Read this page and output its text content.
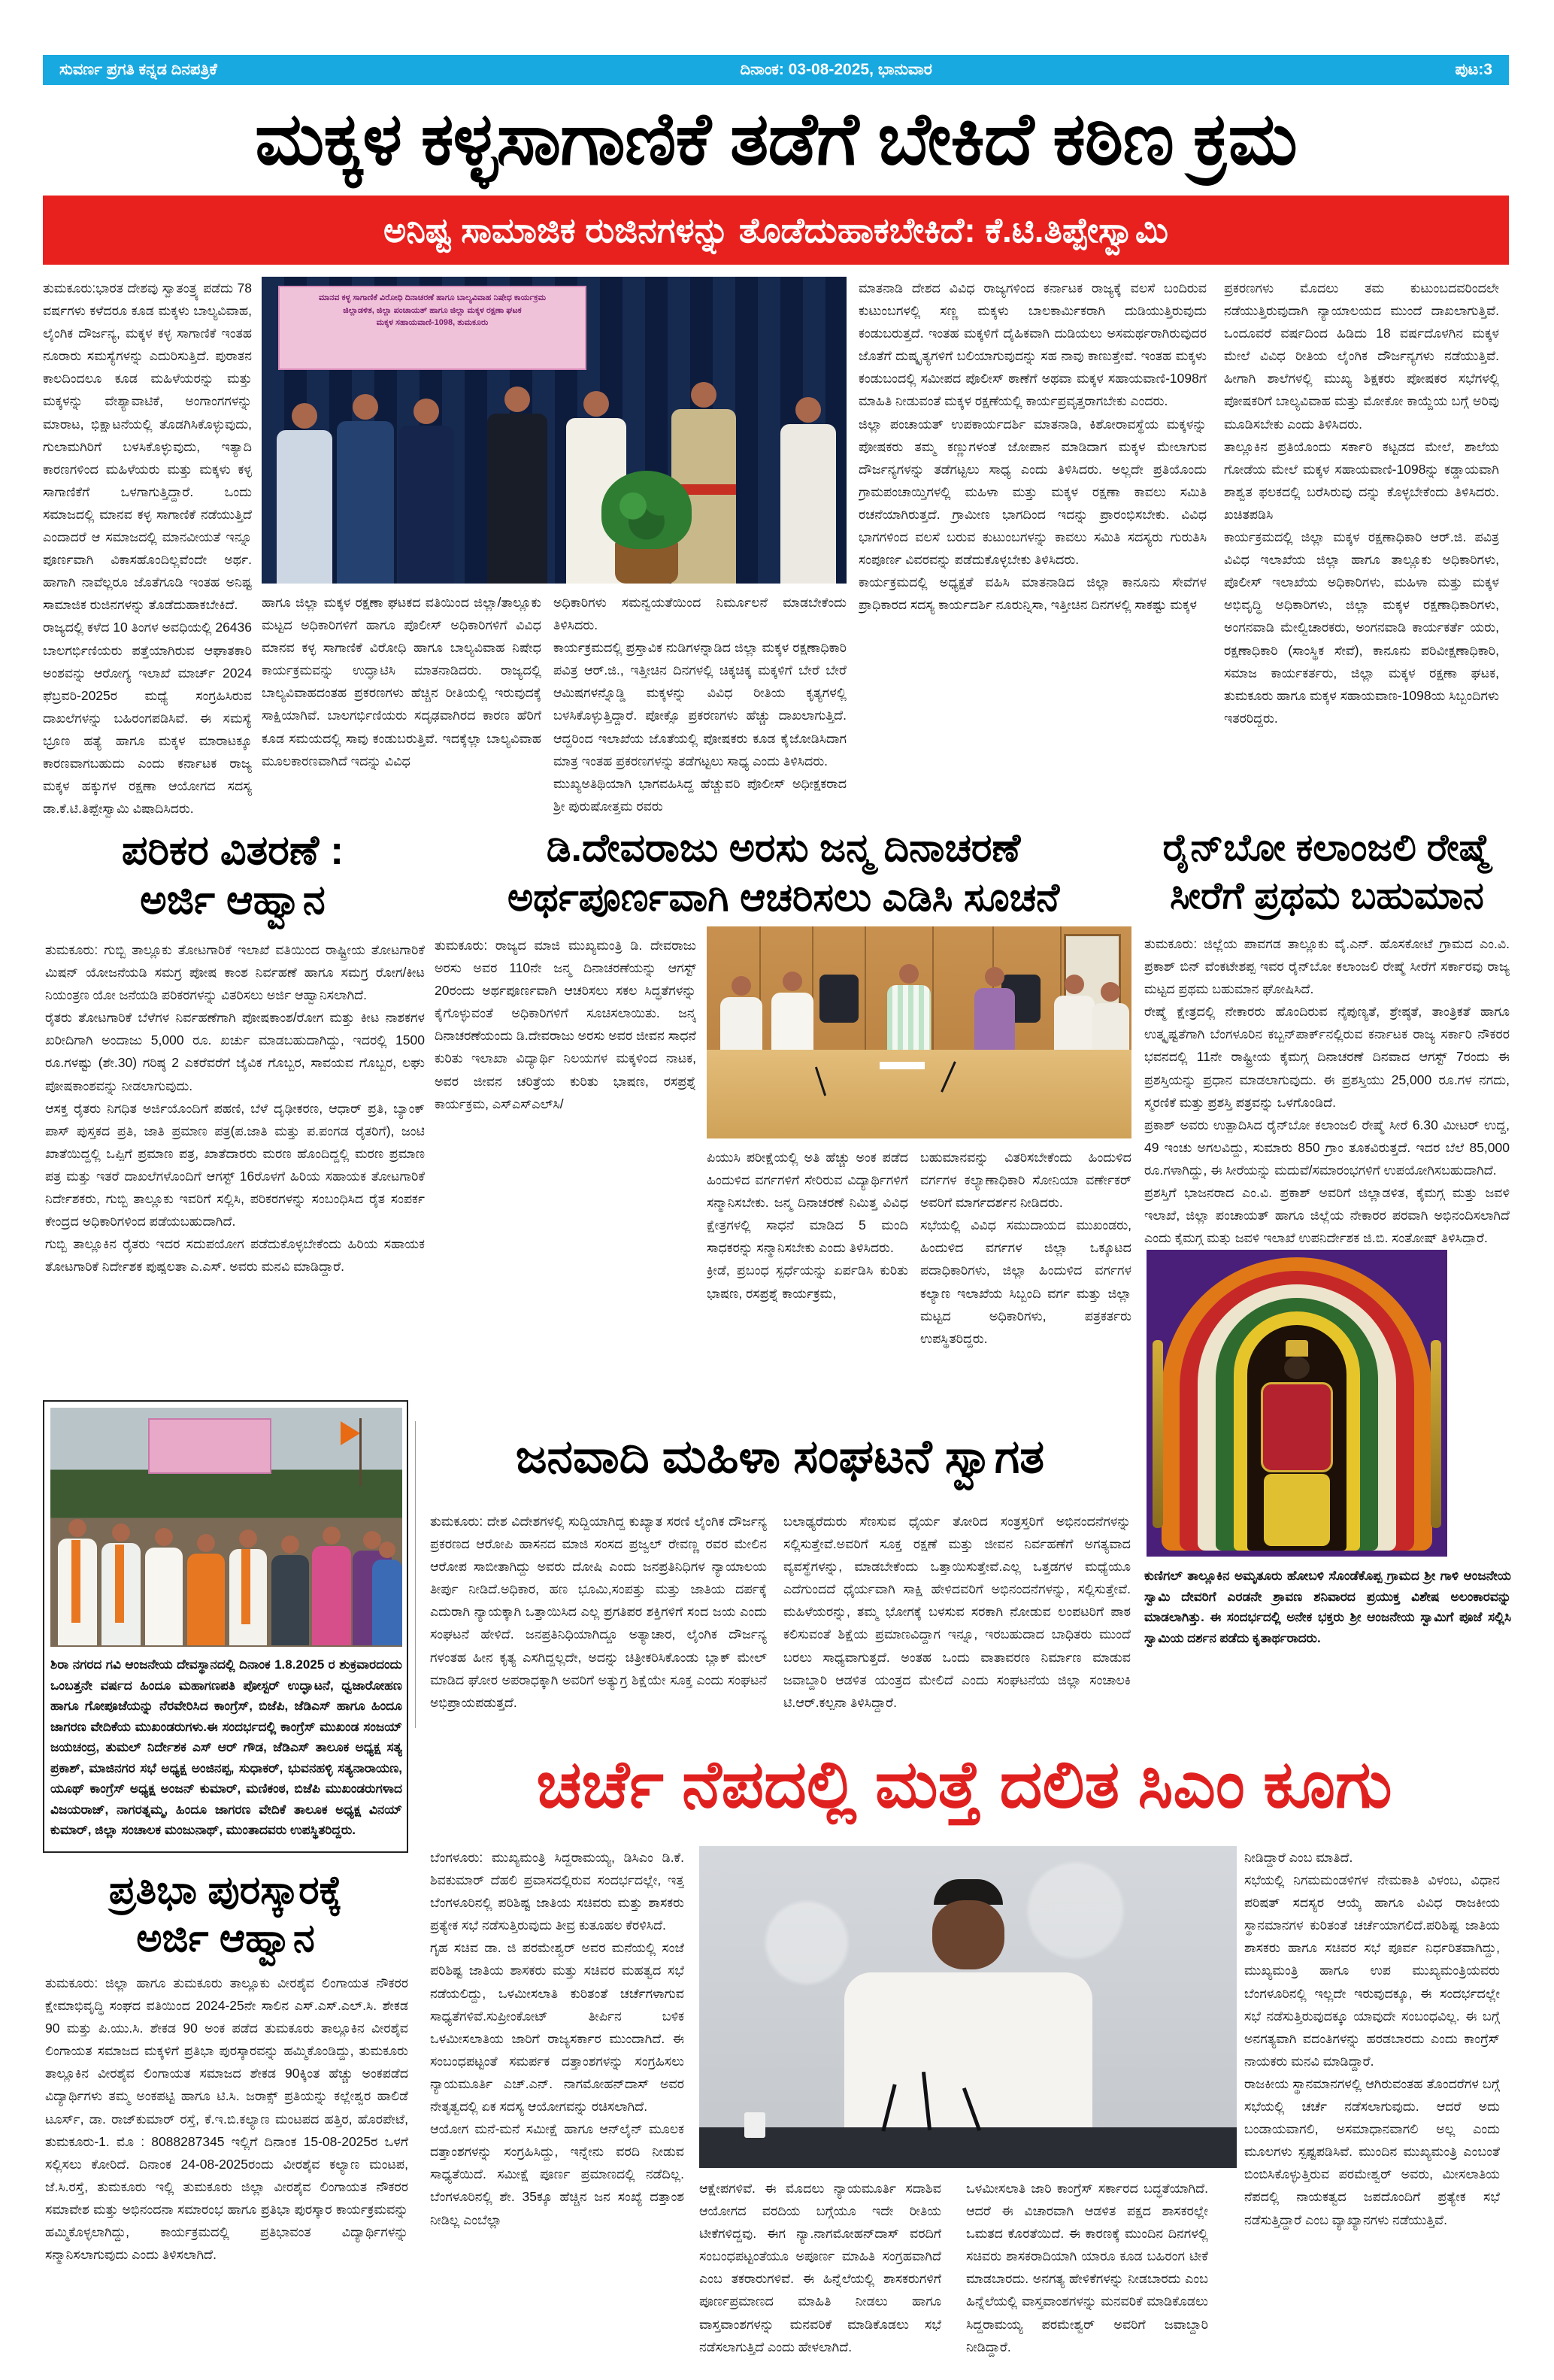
ಸುವರ್ಣ ಪ್ರಗತಿ ಕನ್ನಡ ದಿನಪತ್ರಿಕೆ	ದಿನಾಂಕ: 03-08-2025, ಭಾನುವಾರ	ಪುಟ:3
ಮಕ್ಕಳ ಕಳ್ಳಸಾಗಾಣಿಕೆ ತಡೆಗೆ ಬೇಕಿದೆ ಕಠಿಣ ಕ್ರಮ
ಅನಿಷ್ಟ ಸಾಮಾಜಿಕ ರುಜಿನಗಳನ್ನು ತೊಡೆದುಹಾಕಬೇಕಿದೆ: ಕೆ.ಟಿ.ತಿಪ್ಪೇಸ್ವಾಮಿ
ತುಮಕೂರು:ಭಾರತ ದೇಶವು ಸ್ವಾತಂತ್ರ್ಯ ಪಡೆದು 78 ವರ್ಷಗಳು ಕಳೆದರೂ ಕೂಡ ಮಕ್ಕಳು ಬಾಲ್ಯವಿವಾಹ, ಲೈಂಗಿಕ ದೌರ್ಜನ್ಯ, ಮಕ್ಕಳ ಕಳ್ಳ ಸಾಗಾಣಿಕೆ ಇಂತಹ ನೂರಾರು ಸಮಸ್ಯೆಗಳನ್ನು ಎದುರಿಸುತ್ತಿದೆ. ಪುರಾತನ ಕಾಲದಿಂದಲೂ ಕೂಡ ಮಹಿಳೆಯರನ್ನು ಮತ್ತು ಮಕ್ಕಳನ್ನು ವೇಶ್ಯಾವಾಟಿಕೆ, ಅಂಗಾಂಗಗಳನ್ನು ಮಾರಾಟ, ಭಿಕ್ಷಾಟನೆಯಲ್ಲಿ ತೊಡಗಿಸಿಕೊಳ್ಳುವುದು, ಗುಲಾಮಗಿರಿಗೆ ಬಳಸಿಕೊಳ್ಳುವುದು, ಇತ್ಯಾದಿ ಕಾರಣಗಳಿಂದ ಮಹಿಳೆಯರು ಮತ್ತು ಮಕ್ಕಳು ಕಳ್ಳ ಸಾಗಾಣಿಕೆಗೆ ಒಳಗಾಗುತ್ತಿದ್ದಾರೆ. ಒಂದು ಸಮಾಜದಲ್ಲಿ ಮಾನವ ಕಳ್ಳ ಸಾಗಾಣಿಕೆ ನಡೆಯುತ್ತಿದೆ ಎಂದಾದರೆ ಆ ಸಮಾಜದಲ್ಲಿ ಮಾನವೀಯತೆ ಇನ್ನೂ ಪೂರ್ಣವಾಗಿ ವಿಕಾಸಹೊಂದಿಲ್ಲವೆಂದೇ ಅರ್ಥ. ಹಾಗಾಗಿ ನಾವೆಲ್ಲರೂ ಜೊತೆಗೂಡಿ ಇಂತಹ ಅನಿಷ್ಟ ಸಾಮಾಜಿಕ ರುಜಿನಗಳನ್ನು ತೊಡೆದುಹಾಕಬೇಕಿದೆ.
ರಾಜ್ಯದಲ್ಲಿ ಕಳೆದ 10 ತಿಂಗಳ ಅವಧಿಯಲ್ಲಿ 26436 ಬಾಲಗರ್ಭಿಣಿಯರು ಪತ್ತೆಯಾಗಿರುವ ಆಘಾತಕಾರಿ ಅಂಶವನ್ನು ಆರೋಗ್ಯ ಇಲಾಖೆ ಮಾರ್ಚ್ 2024 ಫೆಬ್ರವರಿ-2025ರ ಮಧ್ಯೆ ಸಂಗ್ರಹಿಸಿರುವ ದಾಖಲೆಗಳನ್ನು ಬಹಿರಂಗಪಡಿಸಿವೆ. ಈ ಸಮಸ್ಯೆ ಭ್ರೂಣ ಹತ್ಯೆ ಹಾಗೂ ಮಕ್ಕಳ ಮಾರಾಟಕ್ಕೂ ಕಾರಣವಾಗಬಹುದು ಎಂದು ಕರ್ನಾಟಕ ರಾಜ್ಯ ಮಕ್ಕಳ ಹಕ್ಕುಗಳ ರಕ್ಷಣಾ ಆಯೋಗದ ಸದಸ್ಯ ಡಾ.ಕೆ.ಟಿ.ತಿಪ್ಪೇಸ್ವಾಮಿ ವಿಷಾದಿಸಿದರು.

ಮಾನವ ಕಳ್ಳ ಸಾಗಾಣಿಕೆ ವಿರೋಧಿ ದಿನಾಚರಣೆ ಹಾಗೂ ಬಾಲ್ಯವಿವಾಹ ನಿಷೇಧ ಕಾರ್ಯಕ್ರಮ
ಜಿಲ್ಲಾಡಳಿತ, ಜಿಲ್ಲಾ ಪಂಚಾಯತ್ ಹಾಗೂ ಜಿಲ್ಲಾ ಮಕ್ಕಳ ರಕ್ಷಣಾ ಘಟಕ
ಮಕ್ಕಳ ಸಹಾಯವಾಣಿ-1098, ತುಮಕೂರು
ಹಾಗೂ ಜಿಲ್ಲಾ ಮಕ್ಕಳ ರಕ್ಷಣಾ ಘಟಕದ ವತಿಯಿಂದ ಜಿಲ್ಲಾ/ತಾಲ್ಲೂಕು ಮಟ್ಟದ ಅಧಿಕಾರಿಗಳಿಗೆ ಹಾಗೂ ಪೊಲೀಸ್ ಅಧಿಕಾರಿಗಳಿಗೆ ವಿವಿಧ ಮಾನವ ಕಳ್ಳ ಸಾಗಾಣಿಕೆ ವಿರೋಧಿ ಹಾಗೂ ಬಾಲ್ಯವಿವಾಹ ನಿಷೇಧ ಕಾರ್ಯಕ್ರಮವನ್ನು ಉದ್ಘಾಟಿಸಿ ಮಾತನಾಡಿದರು. ರಾಜ್ಯದಲ್ಲಿ ಬಾಲ್ಯವಿವಾಹದಂತಹ ಪ್ರಕರಣಗಳು ಹೆಚ್ಚಿನ ರೀತಿಯಲ್ಲಿ ಇರುವುದಕ್ಕೆ ಸಾಕ್ಷಿಯಾಗಿವೆ. ಬಾಲಗರ್ಭಿಣಿಯರು ಸದೃಢವಾಗಿರದ ಕಾರಣ ಹೆರಿಗೆ ಕೂಡ ಸಮಯದಲ್ಲಿ ಸಾವು ಕಂಡುಬರುತ್ತಿವೆ. ಇದಕ್ಕೆಲ್ಲಾ ಬಾಲ್ಯವಿವಾಹ ಮೂಲಕಾರಣವಾಗಿದೆ ಇದನ್ನು ವಿವಿಧ
ಅಧಿಕಾರಿಗಳು ಸಮನ್ವಯತೆಯಿಂದ ನಿರ್ಮೂಲನೆ ಮಾಡಬೇಕೆಂದು ತಿಳಿಸಿದರು.
ಕಾರ್ಯಕ್ರಮದಲ್ಲಿ ಪ್ರಸ್ತಾವಿಕ ನುಡಿಗಳನ್ನಾಡಿದ ಜಿಲ್ಲಾ ಮಕ್ಕಳ ರಕ್ಷಣಾಧಿಕಾರಿ ಪವಿತ್ರ ಆರ್.ಜಿ., ಇತ್ತೀಚಿನ ದಿನಗಳಲ್ಲಿ ಚಿಕ್ಕಚಿಕ್ಕ ಮಕ್ಕಳಿಗೆ ಬೇರೆ ಬೇರೆ ಆಮಿಷಗಳನ್ನೊಡ್ಡಿ ಮಕ್ಕಳನ್ನು ವಿವಿಧ ರೀತಿಯ ಕೃತ್ಯಗಳಲ್ಲಿ ಬಳಸಿಕೊಳ್ಳುತ್ತಿದ್ದಾರೆ. ಪೋಕ್ಸೊ ಪ್ರಕರಣಗಳು ಹೆಚ್ಚು ದಾಖಲಾಗುತ್ತಿದೆ. ಆದ್ದರಿಂದ ಇಲಾಖೆಯ ಜೊತೆಯಲ್ಲಿ ಪೋಷಕರು ಕೂಡ ಕೈಜೋಡಿಸಿದಾಗ ಮಾತ್ರ ಇಂತಹ ಪ್ರಕರಣಗಳನ್ನು ತಡೆಗಟ್ಟಲು ಸಾಧ್ಯ ಎಂದು ತಿಳಿಸಿದರು.
ಮುಖ್ಯಅತಿಥಿಯಾಗಿ ಭಾಗವಹಿಸಿದ್ದ ಹೆಚ್ಚುವರಿ ಪೊಲೀಸ್ ಅಧೀಕ್ಷಕರಾದ ಶ್ರೀ ಪುರುಷೋತ್ತಮ ರವರು
ಮಾತನಾಡಿ ದೇಶದ ವಿವಿಧ ರಾಜ್ಯಗಳಿಂದ ಕರ್ನಾಟಕ ರಾಜ್ಯಕ್ಕೆ ವಲಸೆ ಬಂದಿರುವ ಕುಟುಂಬಗಳಲ್ಲಿ ಸಣ್ಣ ಮಕ್ಕಳು ಬಾಲಕಾರ್ಮಿಕರಾಗಿ ದುಡಿಯುತ್ತಿರುವುದು ಕಂಡುಬರುತ್ತದೆ. ಇಂತಹ ಮಕ್ಕಳಿಗೆ ದೈಹಿಕವಾಗಿ ದುಡಿಯಲು ಅಸಮರ್ಥರಾಗಿರುವುದರ ಜೊತೆಗೆ ದುಷ್ಕೃತ್ಯಗಳಿಗೆ ಬಲಿಯಾಗುವುದನ್ನು ಸಹ ನಾವು ಕಾಣುತ್ತೇವೆ. ಇಂತಹ ಮಕ್ಕಳು ಕಂಡುಬಂದಲ್ಲಿ ಸಮೀಪದ ಪೊಲೀಸ್ ಠಾಣೆಗೆ ಅಥವಾ ಮಕ್ಕಳ ಸಹಾಯವಾಣಿ-1098ಗೆ ಮಾಹಿತಿ ನೀಡುವಂತೆ ಮಕ್ಕಳ ರಕ್ಷಣೆಯಲ್ಲಿ ಕಾರ್ಯಪ್ರವೃತ್ತರಾಗಬೇಕು ಎಂದರು.
ಜಿಲ್ಲಾ ಪಂಚಾಯತ್ ಉಪಕಾರ್ಯದರ್ಶಿ ಮಾತನಾಡಿ, ಕಿಶೋರಾವಸ್ಥೆಯ ಮಕ್ಕಳನ್ನು ಪೋಷಕರು ತಮ್ಮ ಕಣ್ಣುಗಳಂತೆ ಜೋಪಾನ ಮಾಡಿದಾಗ ಮಕ್ಕಳ ಮೇಲಾಗುವ ದೌರ್ಜನ್ಯಗಳನ್ನು ತಡೆಗಟ್ಟಲು ಸಾಧ್ಯ ಎಂದು ತಿಳಿಸಿದರು. ಅಲ್ಲದೇ ಪ್ರತಿಯೊಂದು ಗ್ರಾಮಪಂಚಾಯ್ತಿಗಳಲ್ಲಿ ಮಹಿಳಾ ಮತ್ತು ಮಕ್ಕಳ ರಕ್ಷಣಾ ಕಾವಲು ಸಮಿತಿ ರಚನೆಯಾಗಿರುತ್ತದೆ. ಗ್ರಾಮೀಣ ಭಾಗದಿಂದ ಇದನ್ನು ಪ್ರಾರಂಭಿಸಬೇಕು. ವಿವಿಧ ಭಾಗಗಳಿಂದ ವಲಸೆ ಬರುವ ಕುಟುಂಬಗಳನ್ನು ಕಾವಲು ಸಮಿತಿ ಸದಸ್ಯರು ಗುರುತಿಸಿ ಸಂಪೂರ್ಣ ವಿವರವನ್ನು ಪಡೆದುಕೊಳ್ಳಬೇಕು ತಿಳಿಸಿದರು.
ಕಾರ್ಯಕ್ರಮದಲ್ಲಿ ಅಧ್ಯಕ್ಷತೆ ವಹಿಸಿ ಮಾತನಾಡಿದ ಜಿಲ್ಲಾ ಕಾನೂನು ಸೇವೆಗಳ ಪ್ರಾಧಿಕಾರದ ಸದಸ್ಯ ಕಾರ್ಯದರ್ಶಿ ನೂರುನ್ನಿಸಾ, ಇತ್ತೀಚಿನ ದಿನಗಳಲ್ಲಿ ಸಾಕಷ್ಟು ಮಕ್ಕಳ
ಪ್ರಕರಣಗಳು ಮೊದಲು ತಮ ಕುಟುಂಬದವರಿಂದಲೇ ನಡೆಯುತ್ತಿರುವುದಾಗಿ ನ್ಯಾಯಾಲಯದ ಮುಂದೆ ದಾಖಲಾಗುತ್ತಿವೆ. ಒಂದೂವರೆ ವರ್ಷದಿಂದ ಹಿಡಿದು 18 ವರ್ಷದೊಳಗಿನ ಮಕ್ಕಳ ಮೇಲೆ ವಿವಿಧ ರೀತಿಯ ಲೈಂಗಿಕ ದೌರ್ಜನ್ಯಗಳು ನಡೆಯುತ್ತಿವೆ. ಹೀಗಾಗಿ ಶಾಲೆಗಳಲ್ಲಿ ಮುಖ್ಯ ಶಿಕ್ಷಕರು ಪೋಷಕರ ಸಭೆಗಳಲ್ಲಿ ಪೋಷಕರಿಗೆ ಬಾಲ್ಯವಿವಾಹ ಮತ್ತು ಮೋಕೋ ಕಾಯ್ದೆಯ ಬಗ್ಗೆ ಅರಿವು ಮೂಡಿಸಬೇಕು ಎಂದು ತಿಳಿಸಿದರು.
ತಾಲ್ಲೂಕಿನ ಪ್ರತಿಯೊಂದು ಸರ್ಕಾರಿ ಕಟ್ಟಡದ ಮೇಲೆ, ಶಾಲೆಯ ಗೋಡೆಯ ಮೇಲೆ ಮಕ್ಕಳ ಸಹಾಯವಾಣಿ-1098ನ್ನು ಕಡ್ಡಾಯವಾಗಿ ಶಾಶ್ವತ ಫಲಕದಲ್ಲಿ ಬರೆಸಿರುವು ದನ್ನು ಕೊಳ್ಳಬೇಕೆಂದು ತಿಳಿಸಿದರು. ಖಚಿತಪಡಿಸಿ
ಕಾರ್ಯಕ್ರಮದಲ್ಲಿ ಜಿಲ್ಲಾ ಮಕ್ಕಳ ರಕ್ಷಣಾಧಿಕಾರಿ ಆರ್.ಜಿ. ಪವಿತ್ರ ವಿವಿಧ ಇಲಾಖೆಯ ಜಿಲ್ಲಾ ಹಾಗೂ ತಾಲ್ಲೂಕು ಅಧಿಕಾರಿಗಳು, ಪೊಲೀಸ್ ಇಲಾಖೆಯ ಅಧಿಕಾರಿಗಳು, ಮಹಿಳಾ ಮತ್ತು ಮಕ್ಕಳ ಅಭಿವೃದ್ಧಿ ಅಧಿಕಾರಿಗಳು, ಜಿಲ್ಲಾ ಮಕ್ಕಳ ರಕ್ಷಣಾಧಿಕಾರಿಗಳು, ಅಂಗನವಾಡಿ ಮೇಲ್ವಿಚಾರಕರು, ಅಂಗನವಾಡಿ ಕಾರ್ಯಕರ್ತೆ ಯರು, ರಕ್ಷಣಾಧಿಕಾರಿ (ಸಾಂಸ್ಥಿಕ ಸೇವೆ), ಕಾನೂನು ಪರಿವೀಕ್ಷಣಾಧಿಕಾರಿ, ಸಮಾಜ ಕಾರ್ಯಕರ್ತರು, ಜಿಲ್ಲಾ ಮಕ್ಕಳ ರಕ್ಷಣಾ ಘಟಕ, ತುಮಕೂರು ಹಾಗೂ ಮಕ್ಕಳ ಸಹಾಯವಾಣ-1098ಯ ಸಿಬ್ಬಂದಿಗಳು ಇತರರಿದ್ದರು.
ಪರಿಕರ ವಿತರಣೆ :
ಅರ್ಜಿ ಆಹ್ವಾನ
ತುಮಕೂರು: ಗುಬ್ಬಿ ತಾಲ್ಲೂಕು ತೋಟಗಾರಿಕೆ ಇಲಾಖೆ ವತಿಯಿಂದ ರಾಷ್ಟ್ರೀಯ ತೋಟಗಾರಿಕೆ ಮಿಷನ್ ಯೋಜನೆಯಡಿ ಸಮಗ್ರ ಪೋಷ ಕಾಂಶ ನಿರ್ವಹಣೆ ಹಾಗೂ ಸಮಗ್ರ ರೋಗ/ಕೀಟ ನಿಯಂತ್ರಣ ಯೋ ಜನೆಯಡಿ ಪರಿಕರಗಳನ್ನು ವಿತರಿಸಲು ಅರ್ಜಿ ಆಹ್ವಾನಿಸಲಾಗಿದೆ.
ರೈತರು ತೋಟಗಾರಿಕೆ ಬೆಳೆಗಳ ನಿರ್ವಹಣೆಗಾಗಿ ಪೋಷಕಾಂಶ/ರೋಗ ಮತ್ತು ಕೀಟ ನಾಶಕಗಳ ಖರೀದಿಗಾಗಿ ಅಂದಾಜು 5,000 ರೂ. ಖರ್ಚು ಮಾಡಬಹುದಾಗಿದ್ದು, ಇದರಲ್ಲಿ 1500 ರೂ.ಗಳಷ್ಟು (ಶೇ.30) ಗರಿಷ್ಠ 2 ಎಕರೆವರೆಗೆ ಜೈವಿಕ ಗೊಬ್ಬರ, ಸಾವಯವ ಗೊಬ್ಬರ, ಲಘು ಪೋಷಕಾಂಶವನ್ನು ನೀಡಲಾಗುವುದು.
ಆಸಕ್ತ ರೈತರು ನಿಗಧಿತ ಅರ್ಜಿಯೊಂದಿಗೆ ಪಹಣಿ, ಬೆಳೆ ದೃಢೀಕರಣ, ಆಧಾರ್ ಪ್ರತಿ, ಬ್ಯಾಂಕ್ ಪಾಸ್ ಪುಸ್ತಕದ ಪ್ರತಿ, ಜಾತಿ ಪ್ರಮಾಣ ಪತ್ರ(ಪ.ಜಾತಿ ಮತ್ತು ಪ.ಪಂಗಡ ರೈತರಿಗೆ), ಜಂಟಿ ಖಾತೆಯಿದ್ದಲ್ಲಿ ಒಪ್ಪಿಗೆ ಪ್ರಮಾಣ ಪತ್ರ, ಖಾತೆದಾರರು ಮರಣ ಹೊಂದಿದ್ದಲ್ಲಿ ಮರಣ ಪ್ರಮಾಣ ಪತ್ರ ಮತ್ತು ಇತರೆ ದಾಖಲೆಗಳೊಂದಿಗೆ ಆಗಸ್ಟ್ 16ರೊಳಗೆ ಹಿರಿಯ ಸಹಾಯಕ ತೋಟಗಾರಿಕೆ ನಿರ್ದೇಶಕರು, ಗುಬ್ಬಿ ತಾಲ್ಲೂಕು ಇವರಿಗೆ ಸಲ್ಲಿಸಿ, ಪರಿಕರಗಳನ್ನು ಸಂಬಂಧಿಸಿದ ರೈತ ಸಂಪರ್ಕ ಕೇಂದ್ರದ ಅಧಿಕಾರಿಗಳಿಂದ ಪಡೆಯಬಹುದಾಗಿದೆ.
ಗುಬ್ಬಿ ತಾಲ್ಲೂಕಿನ ರೈತರು ಇದರ ಸದುಪಯೋಗ ಪಡೆದುಕೊಳ್ಳಬೇಕೆಂದು ಹಿರಿಯ ಸಹಾಯಕ ತೋಟಗಾರಿಕೆ ನಿರ್ದೇಶಕ ಪುಷ್ಪಲತಾ ಎ.ಎಸ್. ಅವರು ಮನವಿ ಮಾಡಿದ್ದಾರೆ.
ಡಿ.ದೇವರಾಜು ಅರಸು ಜನ್ಮ ದಿನಾಚರಣೆ
ಅರ್ಥಪೂರ್ಣವಾಗಿ ಆಚರಿಸಲು ಎಡಿಸಿ ಸೂಚನೆ
ತುಮಕೂರು: ರಾಜ್ಯದ ಮಾಜಿ ಮುಖ್ಯಮಂತ್ರಿ ಡಿ. ದೇವರಾಜು ಅರಸು ಅವರ 110ನೇ ಜನ್ಮ ದಿನಾಚರಣೆಯನ್ನು ಆಗಸ್ಟ್ 20ರಂದು ಅರ್ಥಪೂರ್ಣವಾಗಿ ಆಚರಿಸಲು ಸಕಲ ಸಿದ್ಧತೆಗಳನ್ನು ಕೈಗೊಳ್ಳುವಂತೆ ಅಧಿಕಾರಿಗಳಿಗೆ ಸೂಚಿಸಲಾಯಿತು. ಜನ್ಮ ದಿನಾಚರಣೆಯಂದು ಡಿ.ದೇವರಾಜು ಅರಸು ಅವರ ಜೀವನ ಸಾಧನೆ ಕುರಿತು ಇಲಾಖಾ ವಿದ್ಯಾರ್ಥಿ ನಿಲಯಗಳ ಮಕ್ಕಳಿಂದ ನಾಟಕ, ಅವರ ಜೀವನ ಚರಿತ್ರೆಯ ಕುರಿತು ಭಾಷಣ, ರಸಪ್ರಶ್ನೆ ಕಾರ್ಯಕ್ರಮ, ಎಸ್‌ಎಸ್‌ಎಲ್‌ಸಿ/
ಪಿಯುಸಿ ಪರೀಕ್ಷೆಯಲ್ಲಿ ಅತಿ ಹೆಚ್ಚು ಅಂಕ ಪಡೆದ ಹಿಂದುಳಿದ ವರ್ಗಗಳಿಗೆ ಸೇರಿರುವ ವಿದ್ಯಾರ್ಥಿಗಳಿಗೆ ಸನ್ಮಾನಿಸಬೇಕು. ಜನ್ಮ ದಿನಾಚರಣೆ ನಿಮಿತ್ತ ವಿವಿಧ ಕ್ಷೇತ್ರಗಳಲ್ಲಿ ಸಾಧನೆ ಮಾಡಿದ 5 ಮಂದಿ ಸಾಧಕರನ್ನು ಸನ್ಮಾನಿಸಬೇಕು ಎಂದು ತಿಳಿಸಿದರು.
ಕ್ರೀಡೆ, ಪ್ರಬಂಧ ಸ್ಪರ್ಧೆಯನ್ನು ಏರ್ಪಡಿಸಿ ಕುರಿತು ಭಾಷಣ, ರಸಪ್ರಶ್ನೆ ಕಾರ್ಯಕ್ರಮ,
ಬಹುಮಾನವನ್ನು ವಿತರಿಸಬೇಕೆಂದು ಹಿಂದುಳಿದ ವರ್ಗಗಳ ಕಲ್ಯಾಣಾಧಿಕಾರಿ ಸೋನಿಯಾ ವರ್ಣೇಕರ್ ಅವರಿಗೆ ಮಾರ್ಗದರ್ಶನ ನೀಡಿದರು.
ಸಭೆಯಲ್ಲಿ ವಿವಿಧ ಸಮುದಾಯದ ಮುಖಂಡರು, ಹಿಂದುಳಿದ ವರ್ಗಗಳ ಜಿಲ್ಲಾ ಒಕ್ಕೂಟದ ಪದಾಧಿಕಾರಿಗಳು, ಜಿಲ್ಲಾ ಹಿಂದುಳಿದ ವರ್ಗಗಳ ಕಲ್ಯಾಣ ಇಲಾಖೆಯ ಸಿಬ್ಬಂದಿ ವರ್ಗ ಮತ್ತು ಜಿಲ್ಲಾ ಮಟ್ಟದ ಅಧಿಕಾರಿಗಳು, ಪತ್ರಕರ್ತರು ಉಪಸ್ಥಿತರಿದ್ದರು.
ರೈನ್‌ಬೋ ಕಲಾಂಜಲಿ ರೇಷ್ಮೆ
ಸೀರೆಗೆ ಪ್ರಥಮ ಬಹುಮಾನ
ತುಮಕೂರು: ಜಿಲ್ಲೆಯ ಪಾವಗಡ ತಾಲ್ಲೂಕು ವೈ.ಎನ್. ಹೊಸಕೋಟೆ ಗ್ರಾಮದ ಎಂ.ವಿ. ಪ್ರಕಾಶ್ ಬಿನ್ ವೆಂಕಟೇಶಪ್ಪ ಇವರ ರೈನ್‌ಬೋ ಕಲಾಂಜಲಿ ರೇಷ್ಮೆ ಸೀರೆಗೆ ಸರ್ಕಾರವು ರಾಜ್ಯ ಮಟ್ಟದ ಪ್ರಥಮ ಬಹುಮಾನ ಘೋಷಿಸಿದೆ.
ರೇಷ್ಮೆ ಕ್ಷೇತ್ರದಲ್ಲಿ ನೇಕಾರರು ಹೊಂದಿರುವ ನೈಪುಣ್ಯತೆ, ಶ್ರೇಷ್ಠತೆ, ತಾಂತ್ರಿಕತೆ ಹಾಗೂ ಉತ್ಕೃಷ್ಟತೆಗಾಗಿ ಬೆಂಗಳೂರಿನ ಕಬ್ಬನ್‌ಪಾರ್ಕ್‌ನಲ್ಲಿರುವ ಕರ್ನಾಟಕ ರಾಜ್ಯ ಸರ್ಕಾರಿ ನೌಕರರ ಭವನದಲ್ಲಿ 11ನೇ ರಾಷ್ಟ್ರೀಯ ಕೈಮಗ್ಗ ದಿನಾಚರಣೆ ದಿನವಾದ ಆಗಸ್ಟ್ 7ರಂದು ಈ ಪ್ರಶಸ್ತಿಯನ್ನು ಪ್ರಧಾನ ಮಾಡಲಾಗುವುದು. ಈ ಪ್ರಶಸ್ತಿಯು 25,000 ರೂ.ಗಳ ನಗದು, ಸ್ಮರಣಿಕೆ ಮತ್ತು ಪ್ರಶಸ್ತಿ ಪತ್ರವನ್ನು ಒಳಗೊಂಡಿದೆ.
ಪ್ರಕಾಶ್ ಅವರು ಉತ್ಪಾದಿಸಿದ ರೈನ್‌ಬೋ ಕಲಾಂಜಲಿ ರೇಷ್ಮೆ ಸೀರೆ 6.30 ಮೀಟರ್ ಉದ್ದ, 49 ಇಂಚು ಅಗಲವಿದ್ದು, ಸುಮಾರು 850 ಗ್ರಾಂ ತೂಕವಿರುತ್ತದೆ. ಇದರ ಬೆಲೆ 85,000 ರೂ.ಗಳಾಗಿದ್ದು, ಈ ಸೀರೆಯನ್ನು ಮದುವೆ/ಸಮಾರಂಭಗಳಿಗೆ ಉಪಯೋಗಿಸಬಹುದಾಗಿದೆ.
ಪ್ರಶಸ್ತಿಗೆ ಭಾಜನರಾದ ಎಂ.ವಿ. ಪ್ರಕಾಶ್ ಅವರಿಗೆ ಜಿಲ್ಲಾಡಳಿತ, ಕೈಮಗ್ಗ ಮತ್ತು ಜವಳಿ ಇಲಾಖೆ, ಜಿಲ್ಲಾ ಪಂಚಾಯತ್ ಹಾಗೂ ಜಿಲ್ಲೆಯ ನೇಕಾರರ ಪರವಾಗಿ ಅಭಿನಂದಿಸಲಾಗಿದೆ ಎಂದು ಕೈಮಗ್ಗ ಮತ್ತು ಜವಳಿ ಇಲಾಖೆ ಉಪನಿರ್ದೇಶಕ ಜಿ.ಬಿ. ಸಂತೋಷ್ ತಿಳಿಸಿದ್ದಾರೆ.
ಕುಣಿಗಲ್ ತಾಲ್ಲೂಕಿನ ಅಮೃತೂರು ಹೋಬಳಿ ಸೊಂಡೆಕೊಪ್ಪ ಗ್ರಾಮದ ಶ್ರೀ ಗಾಳಿ ಆಂಜನೇಯ ಸ್ವಾಮಿ ದೇವರಿಗೆ ಎರಡನೇ ಶ್ರಾವಣ ಶನಿವಾರದ ಪ್ರಯುಕ್ತ ವಿಶೇಷ ಅಲಂಕಾರವನ್ನು ಮಾಡಲಾಗಿತ್ತು. ಈ ಸಂದರ್ಭದಲ್ಲಿ ಅನೇಕ ಭಕ್ತರು ಶ್ರೀ ಆಂಜನೇಯ ಸ್ವಾಮಿಗೆ ಪೂಜೆ ಸಲ್ಲಿಸಿ ಸ್ವಾಮಿಯ ದರ್ಶನ ಪಡೆದು ಕೃತಾರ್ಥರಾದರು.
ಜನವಾದಿ ಮಹಿಳಾ ಸಂಘಟನೆ ಸ್ವಾಗತ
ತುಮಕೂರು: ದೇಶ ವಿದೇಶಗಳಲ್ಲಿ ಸುದ್ದಿಯಾಗಿದ್ದ ಕುಖ್ಯಾತ ಸರಣಿ ಲೈಂಗಿಕ ದೌರ್ಜನ್ಯ ಪ್ರಕರಣದ ಆರೋಪಿ ಹಾಸನದ ಮಾಜಿ ಸಂಸದ ಪ್ರಜ್ವಲ್ ರೇವಣ್ಣ ರವರ ಮೇಲಿನ ಆರೋಪ ಸಾಬೀತಾಗಿದ್ದು ಅವರು ದೋಷಿ ಎಂದು ಜನಪ್ರತಿನಿಧಿಗಳ ನ್ಯಾಯಾಲಯ ತೀರ್ಪು ನೀಡಿದೆ.ಅಧಿಕಾರ, ಹಣ ಭೂಮಿ,ಸಂಪತ್ತು ಮತ್ತು ಜಾತಿಯ ದರ್ಪಕ್ಕೆ ಎದುರಾಗಿ ನ್ಯಾಯಕ್ಕಾಗಿ ಒತ್ತಾಯಿಸಿದ ಎಲ್ಲ ಪ್ರಗತಿಪರ ಶಕ್ತಿಗಳಿಗೆ ಸಂದ ಜಯ ಎಂದು ಸಂಘಟನೆ ಹೇಳಿದೆ. ಜನಪ್ರತಿನಿಧಿಯಾಗಿದ್ದೂ ಅತ್ಯಾಚಾರ, ಲೈಂಗಿಕ ದೌರ್ಜನ್ಯ ಗಳಂತಹ ಹೀನ ಕೃತ್ಯ ಎಸಗಿದ್ದಲ್ಲದೇ, ಅದನ್ನು ಚಿತ್ರೀಕರಿಸಿಕೊಂಡು ಬ್ಲಾಕ್ ಮೇಲ್ ಮಾಡಿದ ಘೋರ ಅಪರಾಧಕ್ಕಾಗಿ ಅವರಿಗೆ ಅತ್ಯುಗ್ರ ಶಿಕ್ಷೆಯೇ ಸೂಕ್ತ ಎಂದು ಸಂಘಟನೆ ಅಭಿಪ್ರಾಯಪಡುತ್ತದೆ.
ಬಲಾಢ್ಯರೆದುರು ಸೆಣಸುವ ಧೈರ್ಯ ತೋರಿದ ಸಂತ್ರಸ್ತರಿಗೆ ಅಭಿನಂದನೆಗಳನ್ನು ಸಲ್ಲಿಸುತ್ತೇವೆ.ಅವರಿಗೆ ಸೂಕ್ತ ರಕ್ಷಣೆ ಮತ್ತು ಜೀವನ ನಿರ್ವಹಣೆಗೆ ಅಗತ್ಯವಾದ ವ್ಯವಸ್ಥೆಗಳನ್ನು, ಮಾಡಬೇಕೆಂದು ಒತ್ತಾಯಿಸುತ್ತೇವೆ.ಎಲ್ಲ ಒತ್ತಡಗಳ ಮಧ್ಯೆಯೂ ಎದೆಗುಂದದೆ ಧೈರ್ಯವಾಗಿ ಸಾಕ್ಷಿ ಹೇಳಿದವರಿಗೆ ಅಭಿನಂದನೆಗಳನ್ನು, ಸಲ್ಲಿಸುತ್ತೇವೆ. ಮಹಿಳೆಯರನ್ನು, ತಮ್ಮ ಭೋಗಕ್ಕೆ ಬಳಸುವ ಸರಕಾಗಿ ನೋಡುವ ಲಂಪಟರಿಗೆ ಪಾಠ ಕಲಿಸುವಂತೆ ಶಿಕ್ಷೆಯ ಪ್ರಮಾಣವಿದ್ದಾಗ ಇನ್ನೂ, ಇರಬಹುದಾದ ಬಾಧಿತರು ಮುಂದೆ ಬರಲು ಸಾಧ್ಯವಾಗುತ್ತದೆ. ಅಂತಹ ಒಂದು ವಾತಾವರಣ ನಿರ್ಮಾಣ ಮಾಡುವ ಜವಾಬ್ದಾರಿ ಆಡಳಿತ ಯಂತ್ರದ ಮೇಲಿದೆ ಎಂದು ಸಂಘಟನೆಯ ಜಿಲ್ಲಾ ಸಂಚಾಲಕಿ ಟಿ.ಆರ್.ಕಲ್ಪನಾ ತಿಳಿಸಿದ್ದಾರೆ.
ಶಿರಾ ನಗರದ ಗವಿ ಆಂಜನೇಯ ದೇವಸ್ಥಾನದಲ್ಲಿ ದಿನಾಂಕ 1.8.2025 ರ ಶುಕ್ರವಾರದಂದು ಒಂಬತ್ತನೇ ವರ್ಷದ ಹಿಂದೂ ಮಹಾಗಣಪತಿ ಪೋಸ್ಟರ್ ಉದ್ಘಾಟನೆ, ಧ್ವಜಾರೋಹಣ ಹಾಗೂ ಗೋಪೂಜೆಯನ್ನು ನೆರವೇರಿಸಿದ ಕಾಂಗ್ರೆಸ್, ಬಿಜೆಪಿ, ಜೆಡಿಎಸ್ ಹಾಗೂ ಹಿಂದೂ ಜಾಗರಣ ವೇದಿಕೆಯ ಮುಖಂಡರುಗಳು.ಈ ಸಂದರ್ಭದಲ್ಲಿ ಕಾಂಗ್ರೆಸ್ ಮುಖಂಡ ಸಂಜಯ್ ಜಯಚಂದ್ರ, ತುಮಲ್ ನಿರ್ದೇಶಕ ಎಸ್ ಆರ್ ಗೌಡ, ಜೆಡಿಎಸ್ ತಾಲೂಕ ಅಧ್ಯಕ್ಷ ಸತ್ಯ ಪ್ರಕಾಶ್, ಮಾಜಿನಗರ ಸಭೆ ಅಧ್ಯಕ್ಷ ಅಂಜಿನಪ್ಪ, ಸುಧಾಕರ್, ಭುವನಹಳ್ಳಿ ಸತ್ಯನಾರಾಯಣ, ಯೂಥ್ ಕಾಂಗ್ರೆಸ್ ಅಧ್ಯಕ್ಷ ಅಂಜನ್ ಕುಮಾರ್, ಮಣಿಕಂಠ, ಬಿಜೆಪಿ ಮುಖಂಡರುಗಳಾದ ವಿಜಯರಾಜ್, ನಾಗರತ್ನಮ್ಮ, ಹಿಂದೂ ಜಾಗರಣ ವೇದಿಕೆ ತಾಲೂಕ ಅಧ್ಯಕ್ಷ ವಿನಯ್ ಕುಮಾರ್, ಜಿಲ್ಲಾ ಸಂಚಾಲಕ ಮಂಜುನಾಥ್, ಮುಂತಾದವರು ಉಪಸ್ಥಿತರಿದ್ದರು.
ಪ್ರತಿಭಾ ಪುರಸ್ಕಾರಕ್ಕೆ
ಅರ್ಜಿ ಆಹ್ವಾನ
ತುಮಕೂರು: ಜಿಲ್ಲಾ ಹಾಗೂ ತುಮಕೂರು ತಾಲ್ಲೂಕು ವೀರಶೈವ ಲಿಂಗಾಯತ ನೌಕರರ ಕ್ಷೇಮಾಭಿವೃದ್ಧಿ ಸಂಘದ ವತಿಯಿಂದ 2024-25ನೇ ಸಾಲಿನ ಎಸ್.ಎಸ್.ಎಲ್.ಸಿ. ಶೇಕಡ 90 ಮತ್ತು ಪಿ.ಯು.ಸಿ. ಶೇಕಡ 90 ಅಂಕ ಪಡೆದ ತುಮಕೂರು ತಾಲ್ಲೂಕಿನ ವೀರಶೈವ ಲಿಂಗಾಯತ ಸಮಾಜದ ಮಕ್ಕಳಿಗೆ ಪ್ರತಿಭಾ ಪುರಸ್ಕಾರವನ್ನು ಹಮ್ಮಿಕೊಂಡಿದ್ದು, ತುಮಕೂರು ತಾಲ್ಲೂಕಿನ ವೀರಶೈವ ಲಿಂಗಾಯತ ಸಮಾಜದ ಶೇಕಡ 90ಕ್ಕಿಂತ ಹೆಚ್ಚು ಅಂಕಪಡೆದ ವಿದ್ಯಾರ್ಥಿಗಳು ತಮ್ಮ ಅಂಕಪಟ್ಟಿ ಹಾಗೂ ಟಿ.ಸಿ. ಜರಾಕ್ಸ್ ಪ್ರತಿಯನ್ನು ಕಲ್ಲೇಶ್ವರ ಹಾಲಿಡೆ ಟೂರ್ಸ್, ಡಾ. ರಾಜ್‌ಕುಮಾರ್ ರಸ್ತೆ, ಕೆ.ಇ.ಬಿ.ಕಲ್ಯಾಣ ಮಂಟಪದ ಹತ್ತಿರ, ಹೊರಪೇಟೆ, ತುಮಕೂರು-1. ಮೊ : 8088287345 ಇಲ್ಲಿಗೆ ದಿನಾಂಕ 15-08-2025ರ ಒಳಗೆ ಸಲ್ಲಿಸಲು ಕೋರಿದೆ. ದಿನಾಂಕ 24-08-2025ರಂದು ವೀರಶೈವ ಕಲ್ಯಾಣ ಮಂಟಪ, ಜೆ.ಸಿ.ರಸ್ತೆ, ತುಮಕೂರು ಇಲ್ಲಿ ತುಮಕೂರು ಜಿಲ್ಲಾ ವೀರಶೈವ ಲಿಂಗಾಯತ ನೌಕರರ ಸಮಾವೇಶ ಮತ್ತು ಅಭಿನಂದನಾ ಸಮಾರಂಭ ಹಾಗೂ ಪ್ರತಿಭಾ ಪುರಸ್ಕಾರ ಕಾರ್ಯಕ್ರಮವನ್ನು ಹಮ್ಮಿಕೊಳ್ಳಲಾಗಿದ್ದು, ಕಾರ್ಯಕ್ರಮದಲ್ಲಿ ಪ್ರತಿಭಾವಂತ ವಿದ್ಯಾರ್ಥಿಗಳನ್ನು ಸನ್ಮಾನಿಸಲಾಗುವುದು ಎಂದು ತಿಳಿಸಲಾಗಿದೆ.
ಚರ್ಚೆ ನೆಪದಲ್ಲಿ ಮತ್ತೆ ದಲಿತ ಸಿಎಂ ಕೂಗು
ಬೆಂಗಳೂರು: ಮುಖ್ಯಮಂತ್ರಿ ಸಿದ್ದರಾಮಯ್ಯ, ಡಿಸಿಎಂ ಡಿ.ಕೆ. ಶಿವಕುಮಾರ್ ದೆಹಲಿ ಪ್ರವಾಸದಲ್ಲಿರುವ ಸಂದರ್ಭದಲ್ಲೇ, ಇತ್ತ ಬೆಂಗಳೂರಿನಲ್ಲಿ ಪರಿಶಿಷ್ಟ ಜಾತಿಯ ಸಚಿವರು ಮತ್ತು ಶಾಸಕರು ಪ್ರತ್ಯೇಕ ಸಭೆ ನಡೆಸುತ್ತಿರುವುದು ತೀವ್ರ ಕುತೂಹಲ ಕೆರಳಿಸಿದೆ.
ಗೃಹ ಸಚಿವ ಡಾ. ಜಿ ಪರಮೇಶ್ವರ್ ಅವರ ಮನೆಯಲ್ಲಿ ಸಂಜೆ ಪರಿಶಿಷ್ಟ ಜಾತಿಯ ಶಾಸಕರು ಮತ್ತು ಸಚಿವರ ಮಹತ್ವದ ಸಭೆ ನಡೆಯಲಿದ್ದು, ಒಳಮೀಸಲಾತಿ ಕುರಿತಂತೆ ಚರ್ಚೆಗಳಾಗುವ ಸಾಧ್ಯತೆಗಳಿವೆ.ಸುಪ್ರೀಂಕೋಟ್ ತೀರ್ಪಿನ ಬಳಿಕ ಒಳಮೀಸಲಾತಿಯ ಜಾರಿಗೆ ರಾಜ್ಯಸರ್ಕಾರ ಮುಂದಾಗಿದೆ. ಈ ಸಂಬಂಧಪಟ್ಟಂತೆ ಸಮರ್ಪಕ ದತ್ತಾಂಶಗಳನ್ನು ಸಂಗ್ರಹಿಸಲು ನ್ಯಾಯಮೂರ್ತಿ ಎಚ್.ಎನ್. ನಾಗಮೋಹನ್‌ದಾಸ್ ಅವರ ನೇತೃತ್ವದಲ್ಲಿ ಏಕ ಸದಸ್ಯ ಆಯೋಗವನ್ನು ರಚಿಸಲಾಗಿದೆ.
ಆಯೋಗ ಮನೆ-ಮನೆ ಸಮೀಕ್ಷೆ ಹಾಗೂ ಆನ್‌ಲೈನ್ ಮೂಲಕ ದತ್ತಾಂಶಗಳನ್ನು ಸಂಗ್ರಹಿಸಿದ್ದು, ಇನ್ನೇನು ವರದಿ ನೀಡುವ ಸಾಧ್ಯತೆಯಿದೆ. ಸಮೀಕ್ಷೆ ಪೂರ್ಣ ಪ್ರಮಾಣದಲ್ಲಿ ನಡೆದಿಲ್ಲ. ಬೆಂಗಳೂರಿನಲ್ಲಿ ಶೇ. 35ಕ್ಕೂ ಹೆಚ್ಚಿನ ಜನ ಸಂಖ್ಯೆ ದತ್ತಾಂಶ ನೀಡಿಲ್ಲ ಎಂಬೆಲ್ಲಾ
ನೀಡಿದ್ದಾರೆ ಎಂಬ ಮಾತಿದೆ.
ಸಭೆಯಲ್ಲಿ ನಿಗಮಮಂಡಳಿಗಳ ನೇಮಕಾತಿ ವಿಳಂಬ, ವಿಧಾನ ಪರಿಷತ್ ಸದಸ್ಯರ ಆಯ್ಕೆ ಹಾಗೂ ವಿವಿಧ ರಾಜಕೀಯ ಸ್ಥಾನಮಾನಗಳ ಕುರಿತಂತೆ ಚರ್ಚೆಯಾಗಲಿದೆ.ಪರಿಶಿಷ್ಟ ಜಾತಿಯ ಶಾಸಕರು ಹಾಗೂ ಸಚಿವರ ಸಭೆ ಪೂರ್ವ ನಿರ್ಧರಿತವಾಗಿದ್ದು, ಮುಖ್ಯಮಂತ್ರಿ ಹಾಗೂ ಉಪ ಮುಖ್ಯಮಂತ್ರಿಯವರು ಬೆಂಗಳೂರಿನಲ್ಲಿ ಇಲ್ಲದೇ ಇರುವುದಕ್ಕೂ, ಈ ಸಂದರ್ಭದಲ್ಲೇ ಸಭೆ ನಡೆಸುತ್ತಿರುವುದಕ್ಕೂ ಯಾವುದೇ ಸಂಬಂಧವಿಲ್ಲ. ಈ ಬಗ್ಗೆ ಅನಗತ್ಯವಾಗಿ ವದಂತಿಗಳನ್ನು ಹರಡಬಾರದು ಎಂದು ಕಾಂಗ್ರೆಸ್ ನಾಯಕರು ಮನವಿ ಮಾಡಿದ್ದಾರೆ.
ರಾಜಕೀಯ ಸ್ಥಾನಮಾನಗಳಲ್ಲಿ ಆಗಿರುವಂತಹ ತೊಂದರೆಗಳ ಬಗ್ಗೆ ಸಭೆಯಲ್ಲಿ ಚರ್ಚೆ ನಡೆಸಲಾಗುವುದು. ಆದರೆ ಅದು ಬಂಡಾಯವಾಗಲಿ, ಅಸಮಾಧಾನವಾಗಲಿ ಅಲ್ಲ ಎಂದು ಮೂಲಗಳು ಸ್ಪಷ್ಟಪಡಿಸಿವೆ. ಮುಂದಿನ ಮುಖ್ಯಮಂತ್ರಿ ಎಂಬಂತೆ ಬಿಂಬಿಸಿಕೊಳ್ಳುತ್ತಿರುವ ಪರಮೇಶ್ವರ್ ಅವರು, ಮೀಸಲಾತಿಯ ನೆಪದಲ್ಲಿ ನಾಯಕತ್ವದ ಜಪದೊಂದಿಗೆ ಪ್ರತ್ಯೇಕ ಸಭೆ ನಡೆಸುತ್ತಿದ್ದಾರೆ ಎಂಬ ವ್ಯಾಖ್ಯಾನಗಳು ನಡೆಯುತ್ತಿವೆ.
ಆಕ್ಷೇಪಗಳಿವೆ. ಈ ಮೊದಲು ನ್ಯಾಯಮೂರ್ತಿ ಸದಾಶಿವ ಆಯೋಗದ ವರದಿಯ ಬಗ್ಗೆಯೂ ಇದೇ ರೀತಿಯ ಟೀಕೆಗಳಿದ್ದವು. ಈಗ ನ್ಯಾ.ನಾಗಮೋಹನ್‌ದಾಸ್ ವರದಿಗೆ ಸಂಬಂಧಪಟ್ಟಂತೆಯೂ ಅಪೂರ್ಣ ಮಾಹಿತಿ ಸಂಗ್ರಹವಾಗಿದೆ ಎಂಬ ತಕರಾರುಗಳಿವೆ. ಈ ಹಿನ್ನೆಲೆಯಲ್ಲಿ ಶಾಸಕರುಗಳಿಗೆ ಪೂರ್ಣಪ್ರಮಾಣದ ಮಾಹಿತಿ ನೀಡಲು ಹಾಗೂ ವಾಸ್ತವಾಂಶಗಳನ್ನು ಮನವರಿಕೆ ಮಾಡಿಕೊಡಲು ಸಭೆ ನಡೆಸಲಾಗುತ್ತಿದೆ ಎಂದು ಹೇಳಲಾಗಿದೆ.
ಒಳಮೀಸಲಾತಿ ಜಾರಿ ಕಾಂಗ್ರೆಸ್ ಸರ್ಕಾರದ ಬದ್ಧತೆಯಾಗಿದೆ. ಆದರೆ ಈ ವಿಚಾರವಾಗಿ ಆಡಳಿತ ಪಕ್ಷದ ಶಾಸಕರಲ್ಲೇ ಒಮತದ ಕೊರತೆಯಿದೆ. ಈ ಕಾರಣಕ್ಕೆ ಮುಂದಿನ ದಿನಗಳಲ್ಲಿ ಸಚಿವರು ಶಾಸಕರಾದಿಯಾಗಿ ಯಾರೂ ಕೂಡ ಬಹಿರಂಗ ಟೀಕೆ ಮಾಡಬಾರದು. ಅನಗತ್ಯ ಹೇಳಿಕೆಗಳನ್ನು ನೀಡಬಾರದು ಎಂಬ ಹಿನ್ನೆಲೆಯಲ್ಲಿ ವಾಸ್ತವಾಂಶಗಳನ್ನು ಮನವರಿಕೆ ಮಾಡಿಕೊಡಲು ಸಿದ್ದರಾಮಯ್ಯ ಪರಮೇಶ್ವರ್ ಅವರಿಗೆ ಜವಾಬ್ದಾರಿ ನೀಡಿದ್ದಾರೆ.
